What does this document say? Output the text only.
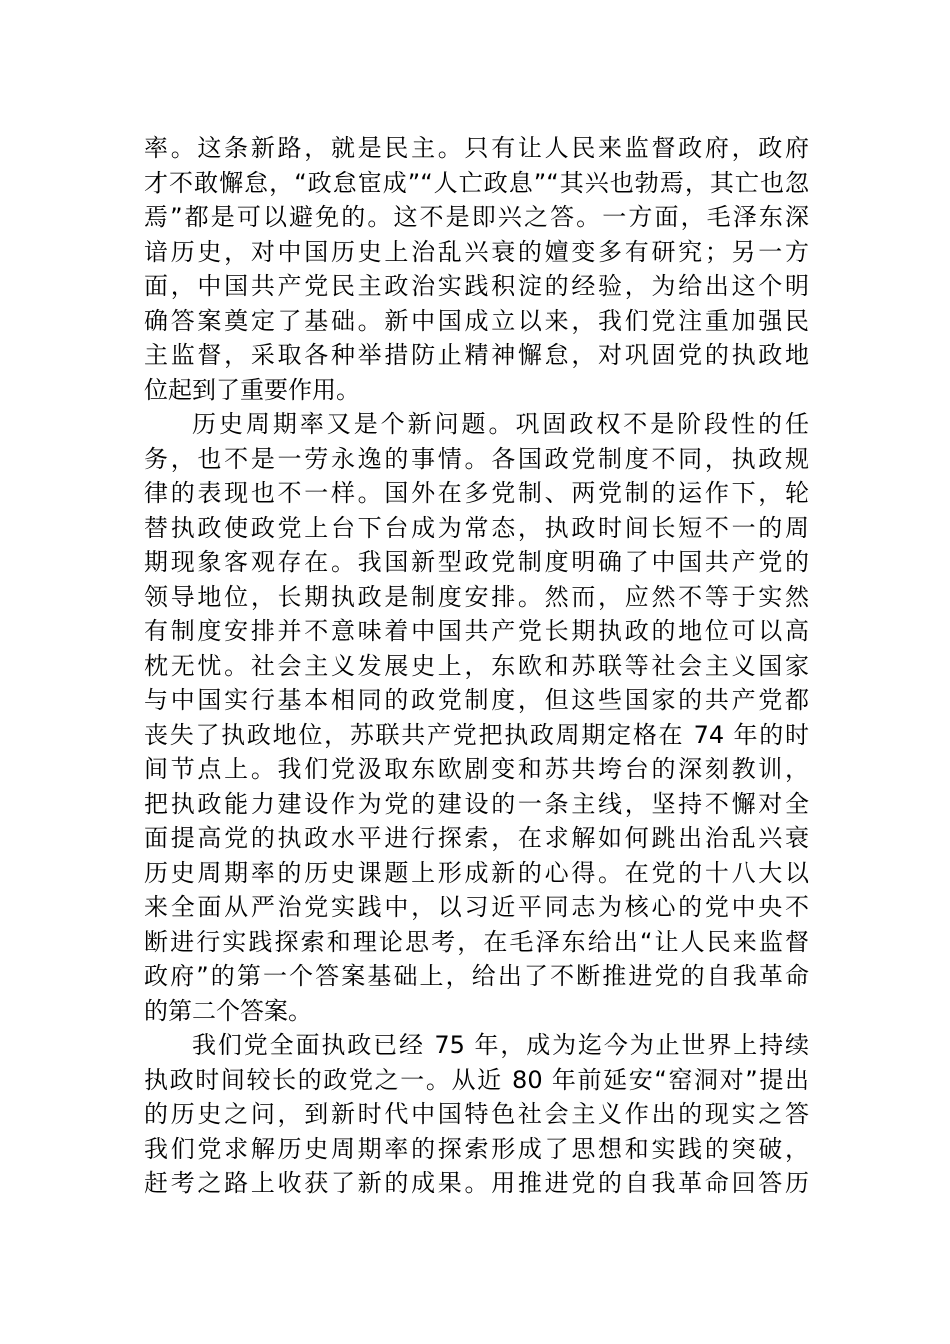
率。这条新路，就是民主。只有让人民来监督政府，政府
才不敢懈怠，“政怠宦成”“人亡政息”“其兴也勃焉，其亡也忽
焉”都是可以避免的。这不是即兴之答。一方面，毛泽东深
谙历史，对中国历史上治乱兴衰的嬗变多有研究；另一方
面，中国共产党民主政治实践积淀的经验，为给出这个明
确答案奠定了基础。新中国成立以来，我们党注重加强民
主监督，采取各种举措防止精神懈怠，对巩固党的执政地
位起到了重要作用。
历史周期率又是个新问题。巩固政权不是阶段性的任
务，也不是一劳永逸的事情。各国政党制度不同，执政规
律的表现也不一样。国外在多党制、两党制的运作下，轮
替执政使政党上台下台成为常态，执政时间长短不一的周
期现象客观存在。我国新型政党制度明确了中国共产党的
领导地位，长期执政是制度安排。然而，应然不等于实然
有制度安排并不意味着中国共产党长期执政的地位可以高
枕无忧。社会主义发展史上，东欧和苏联等社会主义国家
与中国实行基本相同的政党制度，但这些国家的共产党都
丧失了执政地位，苏联共产党把执政周期定格在 74 年的时
间节点上。我们党汲取东欧剧变和苏共垮台的深刻教训，
把执政能力建设作为党的建设的一条主线，坚持不懈对全
面提高党的执政水平进行探索，在求解如何跳出治乱兴衰
历史周期率的历史课题上形成新的心得。在党的十八大以
来全面从严治党实践中，以习近平同志为核心的党中央不
断进行实践探索和理论思考，在毛泽东给出“让人民来监督
政府”的第一个答案基础上，给出了不断推进党的自我革命
的第二个答案。
我们党全面执政已经 75 年，成为迄今为止世界上持续
执政时间较长的政党之一。从近 80 年前延安“窑洞对”提出
的历史之问，到新时代中国特色社会主义作出的现实之答
我们党求解历史周期率的探索形成了思想和实践的突破，
赶考之路上收获了新的成果。用推进党的自我革命回答历
